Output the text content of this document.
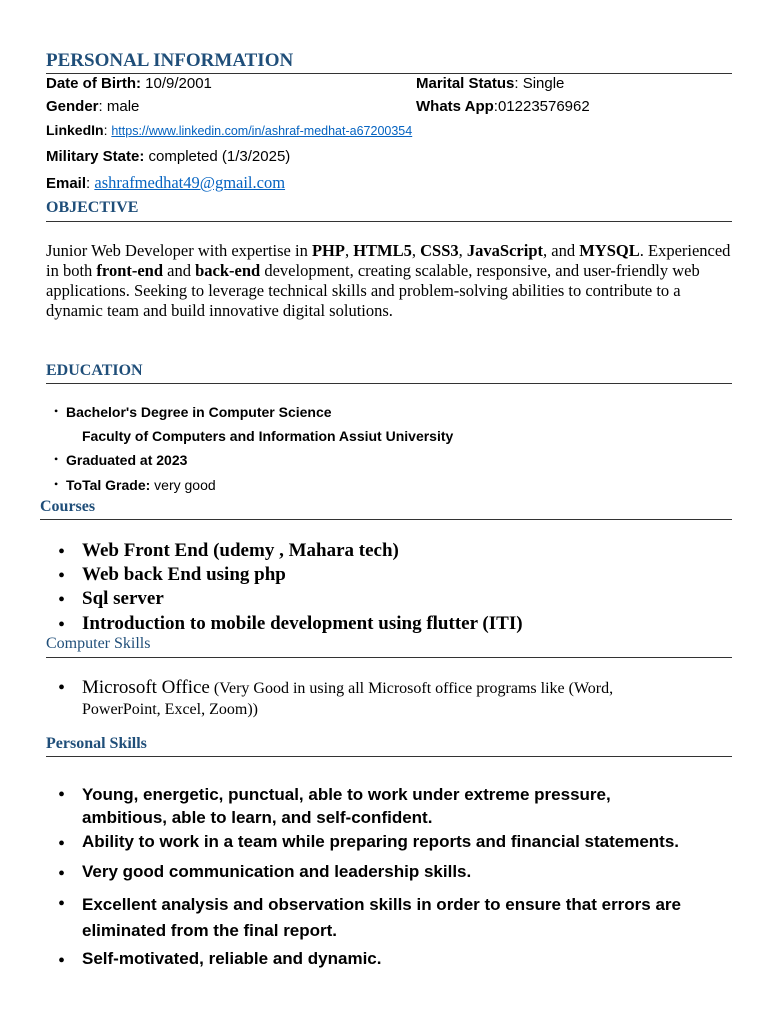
PERSONAL INFORMATION
Date of Birth: 10/9/2001	Marital Status: Single
Gender: male	Whats App:01223576962
LinkedIn: https://www.linkedin.com/in/ashraf-medhat-a67200354
Military State: completed (1/3/2025)
Email: ashrafmedhat49@gmail.com
OBJECTIVE
Junior Web Developer with expertise in PHP, HTML5, CSS3, JavaScript, and MYSQL. Experienced in both front-end and back-end development, creating scalable, responsive, and user-friendly web applications. Seeking to leverage technical skills and problem-solving abilities to contribute to a dynamic team and build innovative digital solutions.
EDUCATION
• Bachelor's Degree in Computer Science
Faculty of Computers and Information Assiut University
• Graduated at 2023
• ToTal Grade: very good
Courses
• Web Front End (udemy , Mahara tech)
• Web back End using php
• Sql server
• Introduction to mobile development using flutter (ITI)
Computer Skills
• Microsoft Office (Very Good in using all Microsoft office programs like (Word,
PowerPoint, Excel, Zoom))
Personal Skills
• Young, energetic, punctual, able to work under extreme pressure,
ambitious, able to learn, and self-confident.
• Ability to work in a team while preparing reports and financial statements.
• Very good communication and leadership skills.
• Excellent analysis and observation skills in order to ensure that errors are
eliminated from the final report.
• Self-motivated, reliable and dynamic.
